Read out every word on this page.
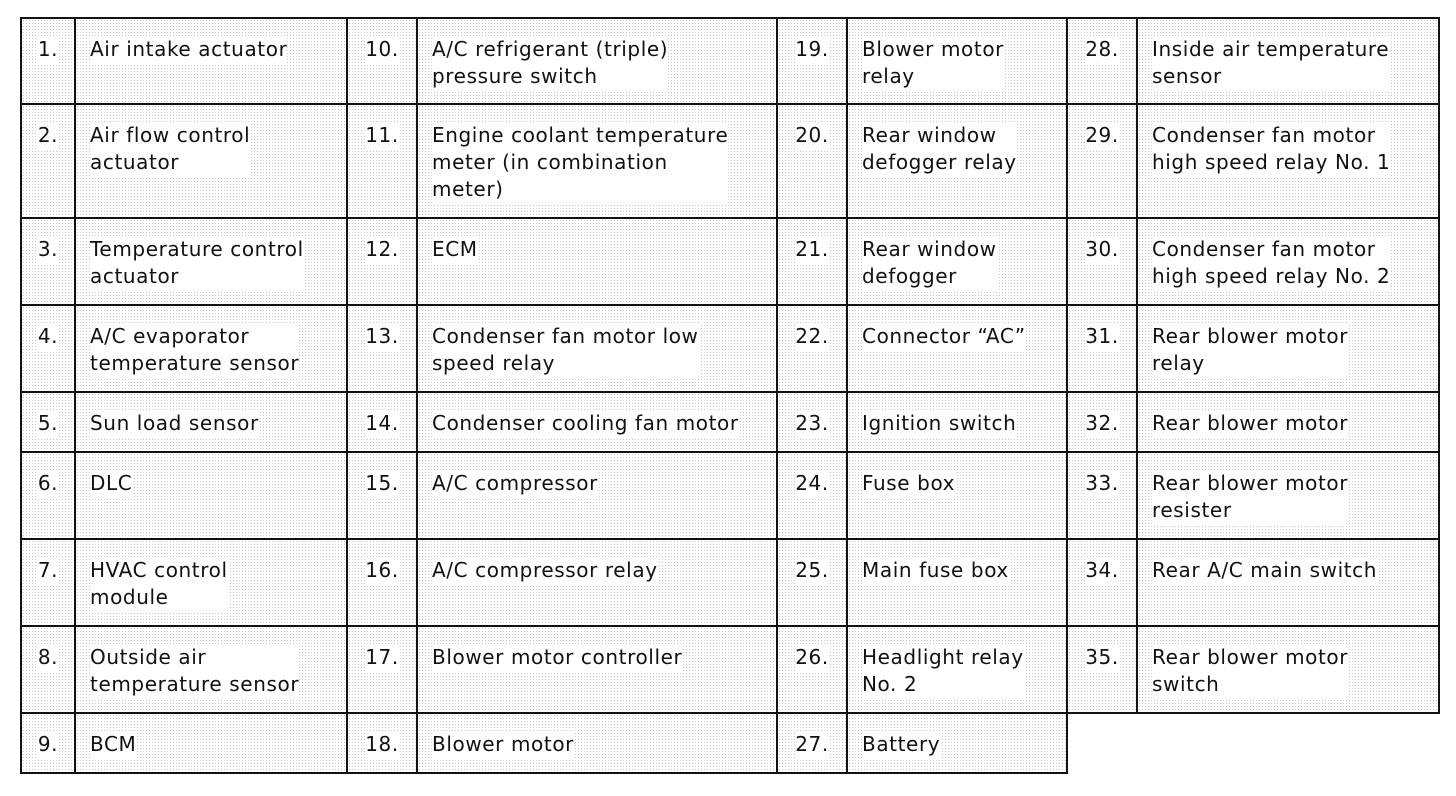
1.	Air intake actuator
2.	Air flow control
actuator
3.	Temperature control
actuator
4.	A/C evaporator
temperature sensor
5.	Sun load sensor
6.	DLC
7.	HVAC control
module
8.	Outside air
temperature sensor
9.	BCM
10.	A/C refrigerant (triple)
pressure switch
11.	Engine coolant temperature
meter (in combination
meter)
12.	ECM
13.	Condenser fan motor low
speed relay
14.	Condenser cooling fan motor
15.	A/C compressor
16.	A/C compressor relay
17.	Blower motor controller
18.	Blower motor
19.	Blower motor
relay
20.	Rear window
defogger relay
21.	Rear window
defogger
22.	Connector “AC”
23.	Ignition switch
24.	Fuse box
25.	Main fuse box
26.	Headlight relay
No. 2
27.	Battery
28.	Inside air temperature
sensor
29.	Condenser fan motor
high speed relay No. 1
30.	Condenser fan motor
high speed relay No. 2
31.	Rear blower motor
relay
32.	Rear blower motor
33.	Rear blower motor
resister
34.	Rear A/C main switch
35.	Rear blower motor
switch
